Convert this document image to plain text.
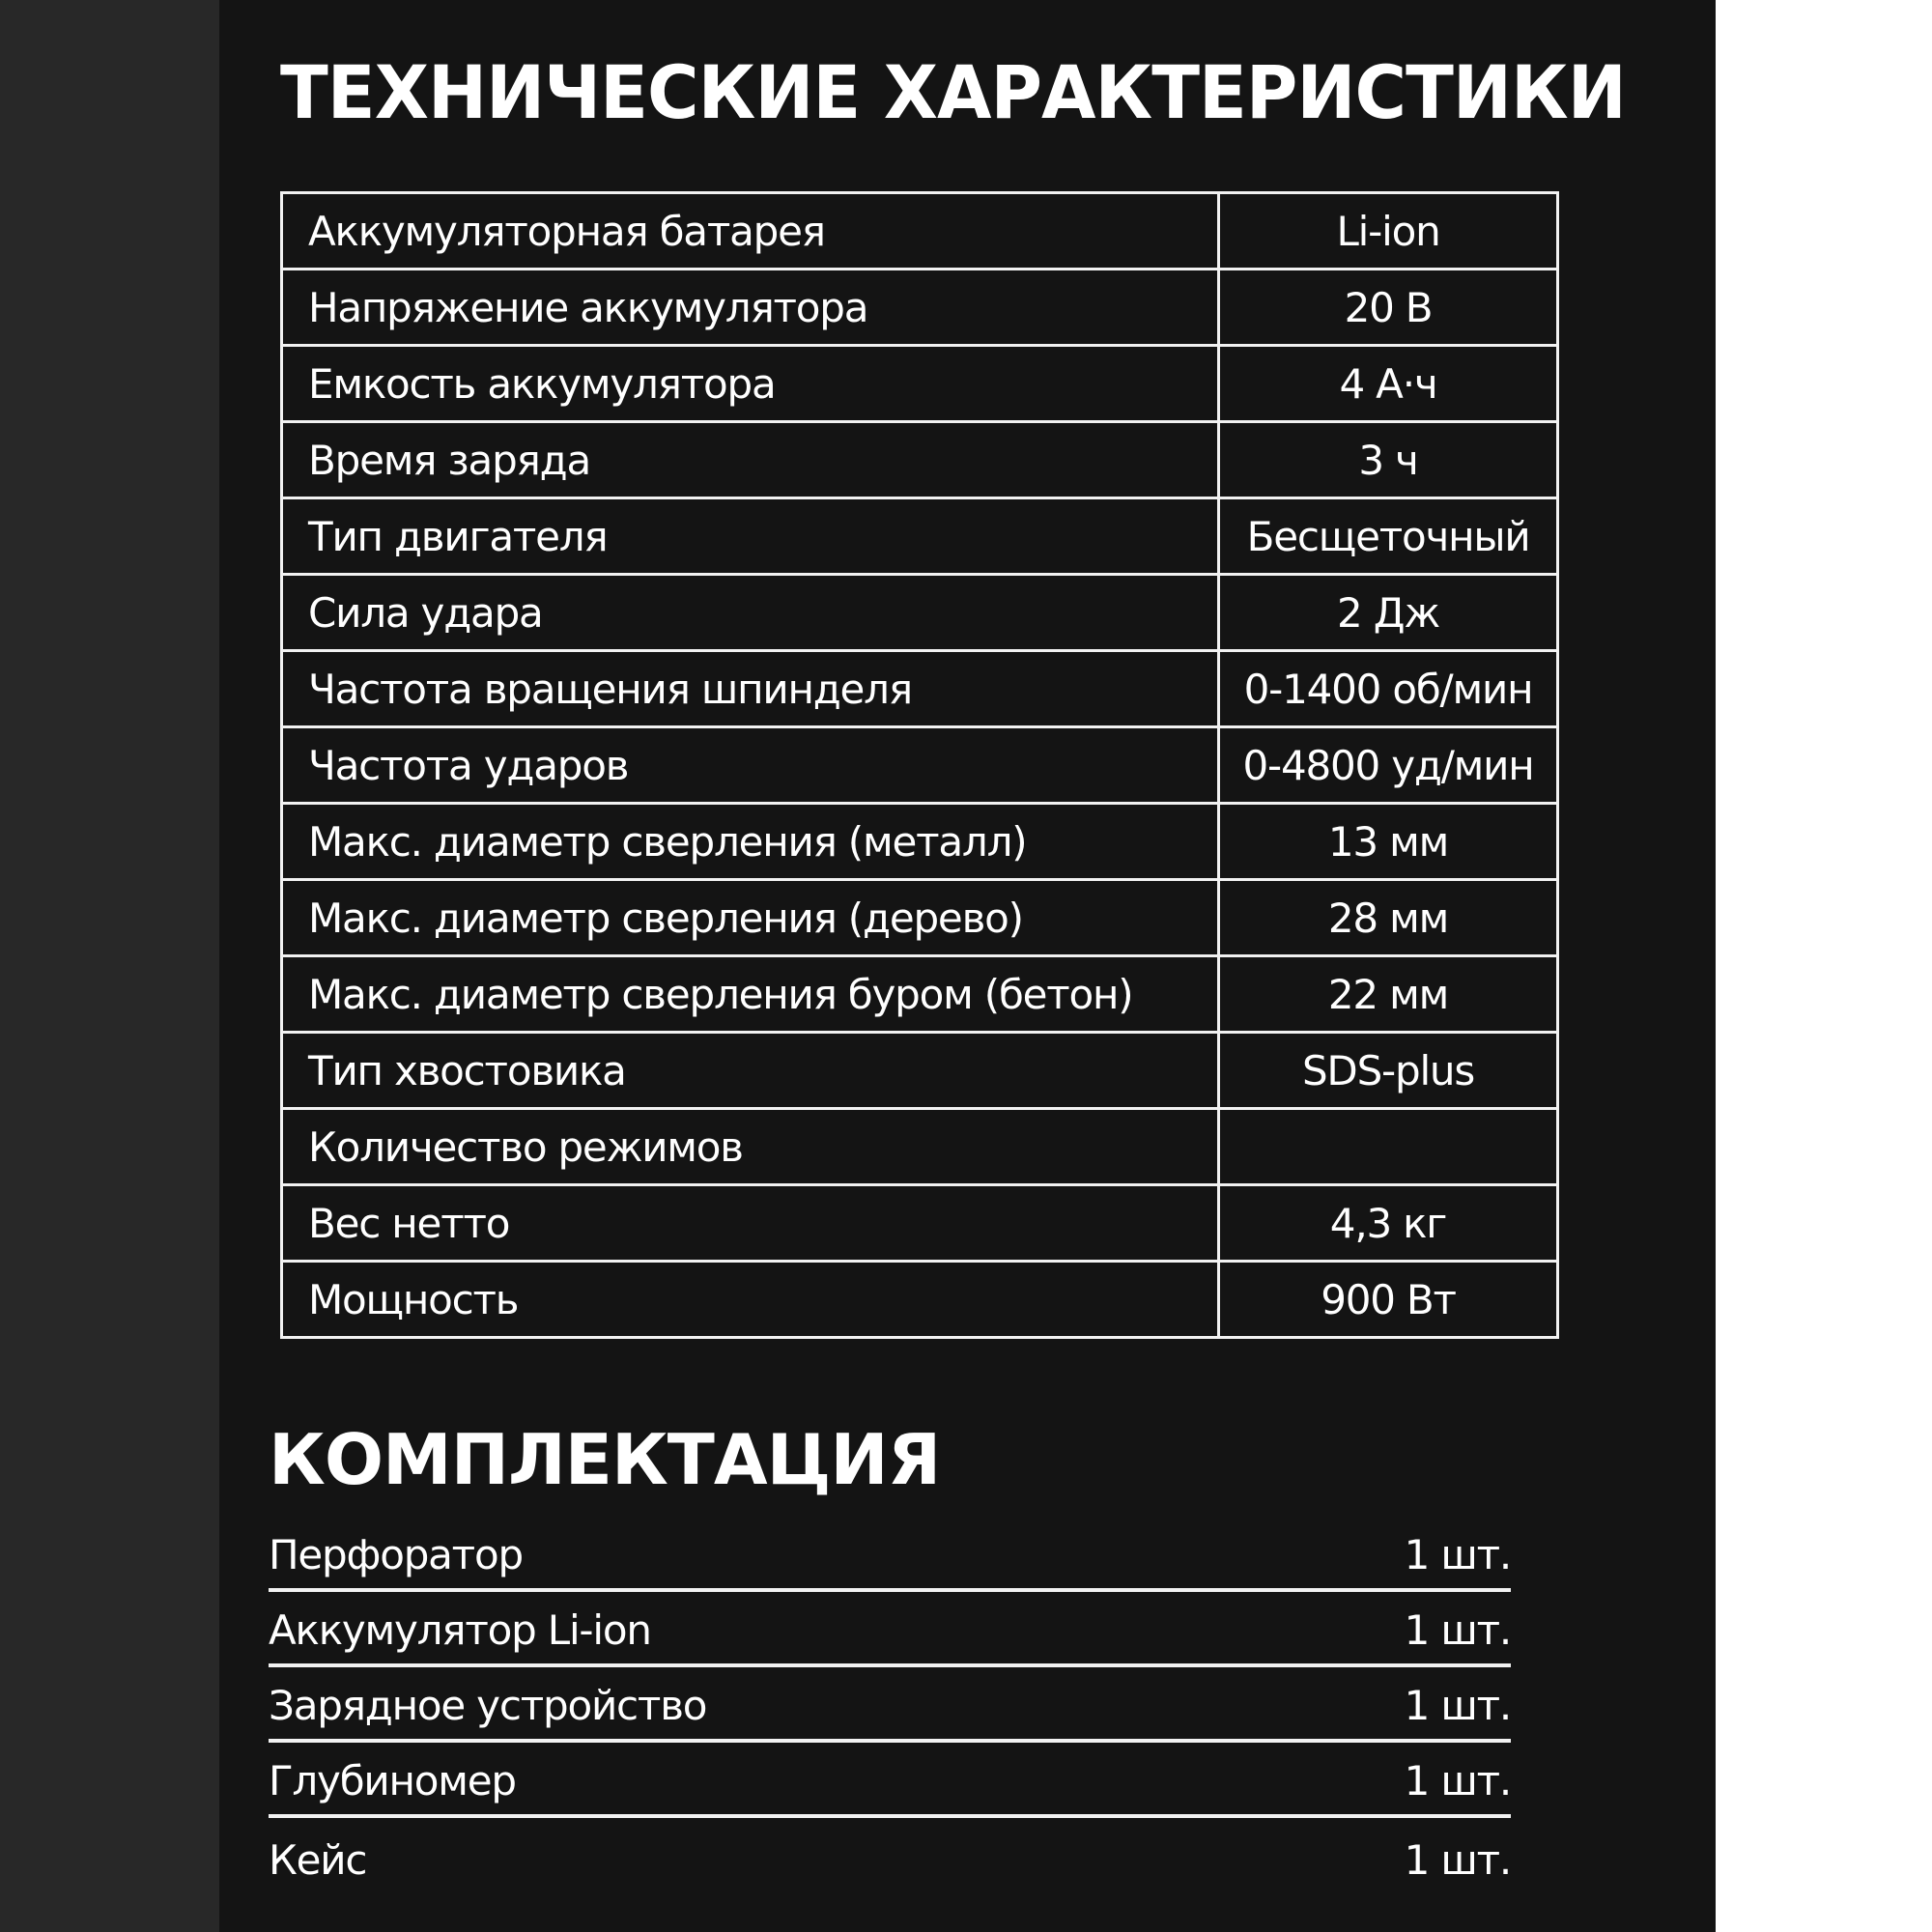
ТЕХНИЧЕСКИЕ ХАРАКТЕРИСТИКИ
Аккумуляторная батарея	Li-ion
Напряжение аккумулятора	20 В
Емкость аккумулятора	4 А·ч
Время заряда	3 ч
Тип двигателя	Бесщеточный
Сила удара	2 Дж
Частота вращения шпинделя	0-1400 об/мин
Частота ударов	0-4800 уд/мин
Макс. диаметр сверления (металл)	13 мм
Макс. диаметр сверления (дерево)	28 мм
Макс. диаметр сверления буром (бетон)	22 мм
Тип хвостовика	SDS-plus
Количество режимов	
Вес нетто	4,3 кг
Мощность	900 Вт
КОМПЛЕКТАЦИЯ
Перфоратор	1 шт.
Аккумулятор Li-ion	1 шт.
Зарядное устройство	1 шт.
Глубиномер	1 шт.
Кейс	1 шт.
